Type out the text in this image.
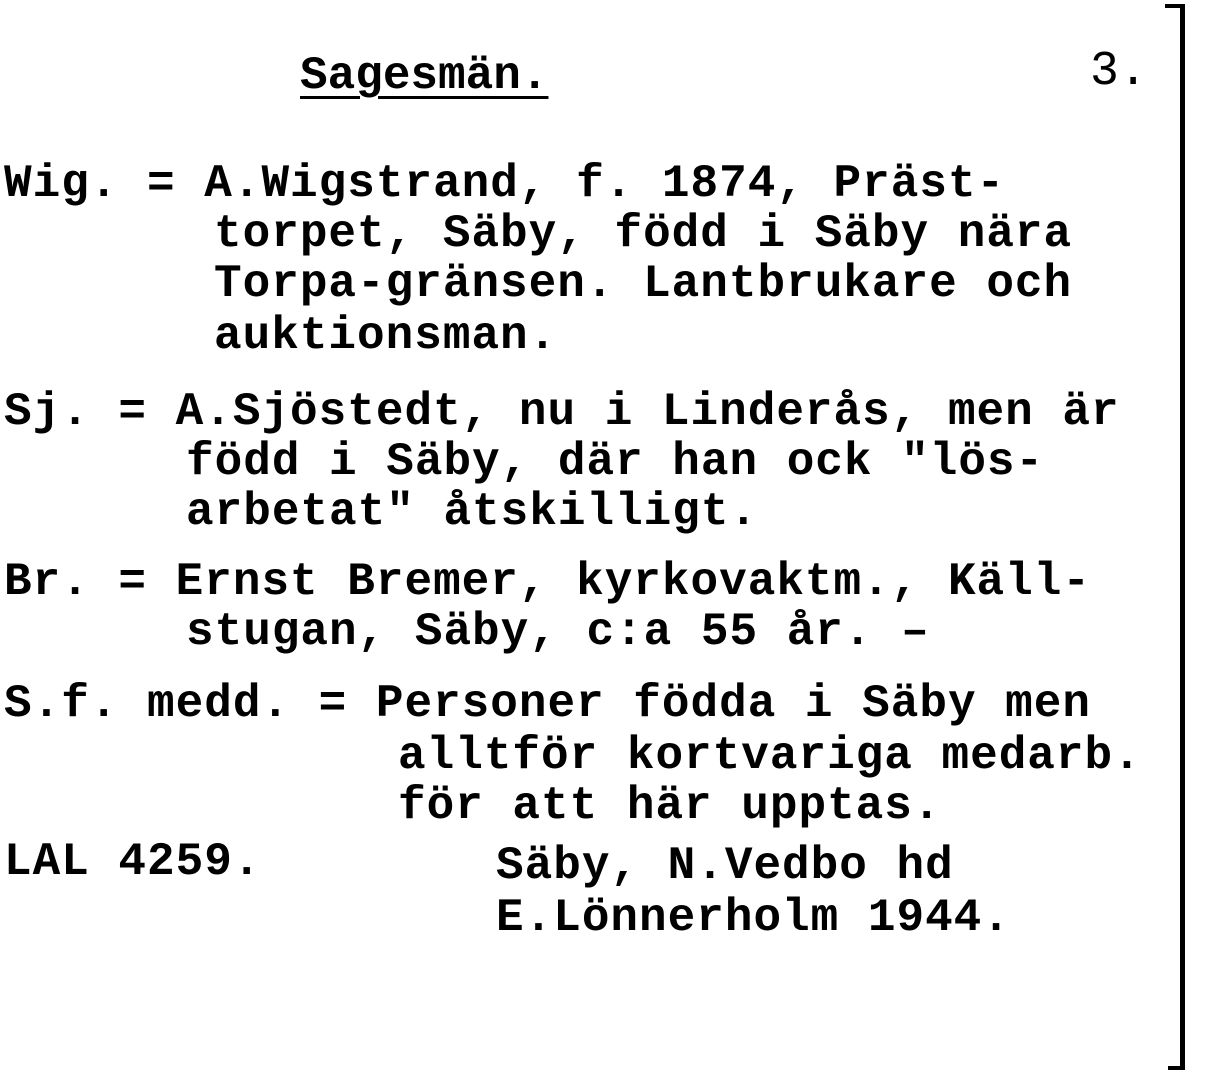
Sagesmän.	3.
Wig. = A.Wigstrand, f. 1874, Präst-
torpet, Säby, född i Säby nära
Torpa-gränsen. Lantbrukare och
auktionsman.
Sj. = A.Sjöstedt, nu i Linderås, men är
född i Säby, där han ock "lös-
arbetat" åtskilligt.
Br. = Ernst Bremer, kyrkovaktm., Käll-
stugan, Säby, c:a 55 år. –
S.f. medd. = Personer födda i Säby men
alltför kortvariga medarb.
för att här upptas.
LAL 4259.	Säby, N.Vedbo hd
E.Lönnerholm 1944.
